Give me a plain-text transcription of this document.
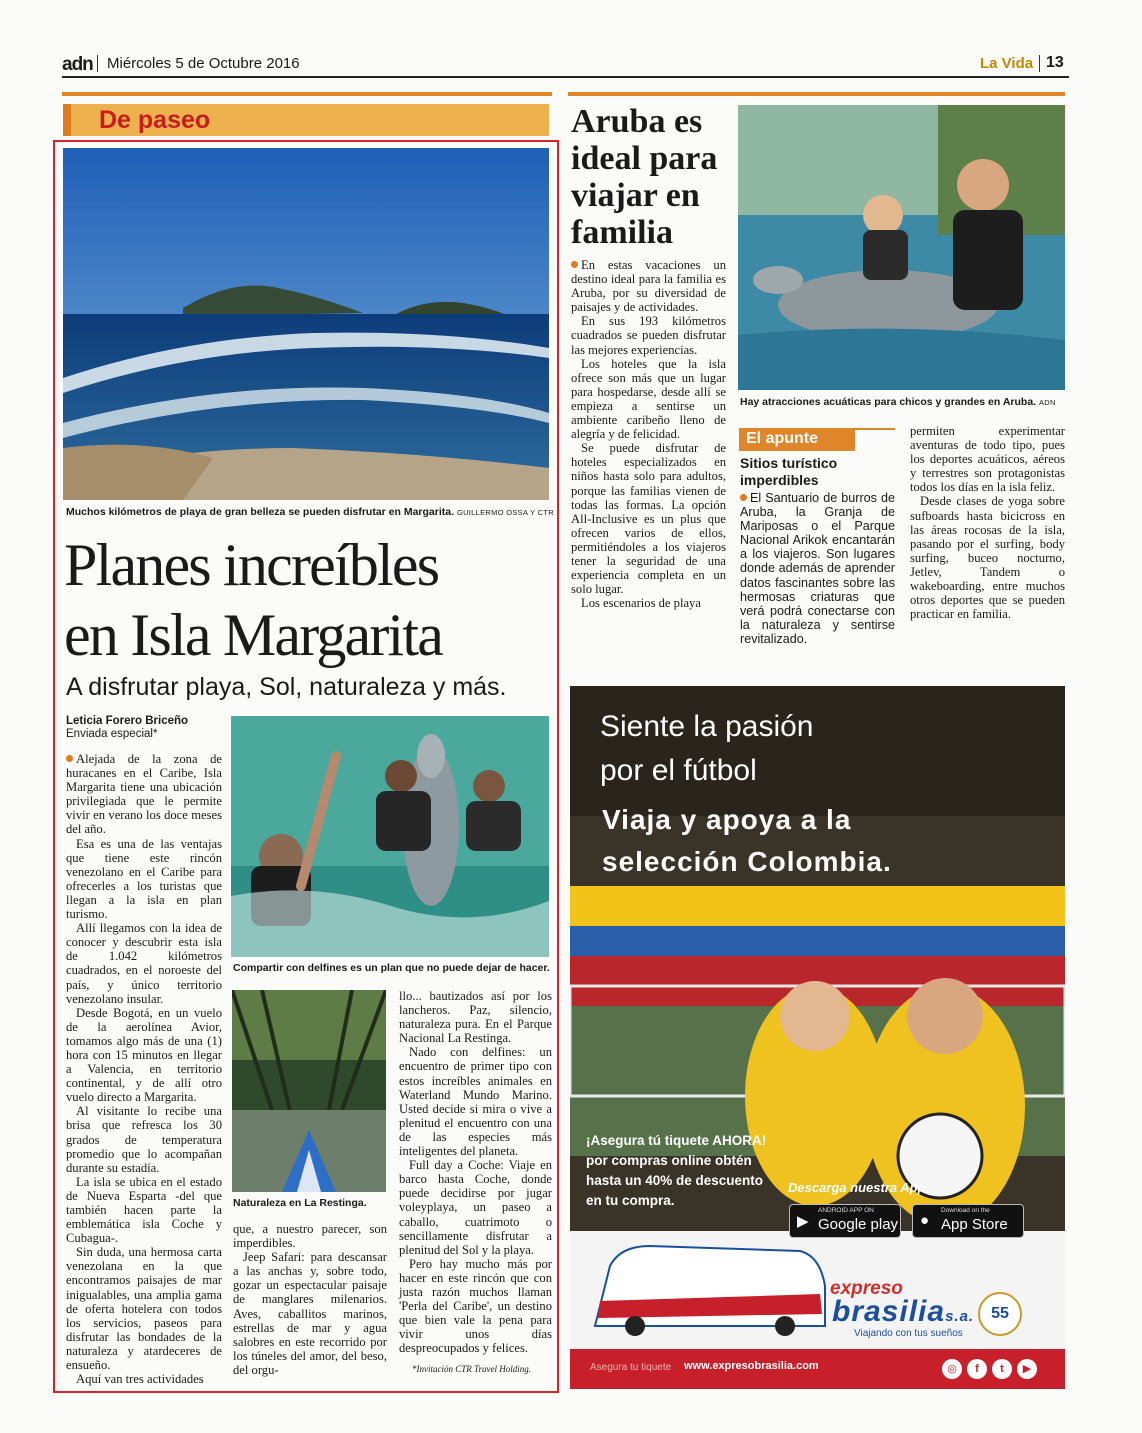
adn Miércoles 5 de Octubre 2016	La Vida 13
De paseo
Muchos kilómetros de playa de gran belleza se pueden disfrutar en Margarita. GUILLERMO OSSA Y CTR
Planes increíbles
en Isla Margarita
A disfrutar playa, Sol, naturaleza y más.
Leticia Forero Briceño
Enviada especial*

Alejada de la zona de huracanes en el Caribe, Isla Margarita tiene una ubicación privilegiada que le permite vivir en verano los doce meses del año.

Esa es una de las ventajas que tiene este rincón venezolano en el Caribe para ofrecerles a los turistas que llegan a la isla en plan turismo.

Allí llegamos con la idea de conocer y descubrir esta isla de 1.042 kilómetros cuadrados, en el noroeste del país, y único territorio venezolano insular.

Desde Bogotá, en un vuelo de la aerolínea Avior, tomamos algo más de una (1) hora con 15 minutos en llegar a Valencia, en territorio continental, y de allí otro vuelo directo a Margarita.

Al visitante lo recibe una brisa que refresca los 30 grados de temperatura promedio que lo acompañan durante su estadía.

La isla se ubica en el estado de Nueva Esparta -del que también hacen parte la emblemática isla Coche y Cubagua-.

Sin duda, una hermosa carta venezolana en la que encontramos paisajes de mar inigualables, una amplia gama de oferta hotelera con todos los servicios, paseos para disfrutar las bondades de la naturaleza y atardeceres de ensueño.

Aquí van tres actividades

Compartir con delfines es un plan que no puede dejar de hacer.
Naturaleza en La Restinga.

que, a nuestro parecer, son imperdibles.

Jeep Safari: para descansar a las anchas y, sobre todo, gozar un espectacular paisaje de manglares milenarios. Aves, caballitos marinos, estrellas de mar y agua salobres en este recorrido por los túneles del amor, del beso, del orgu-

llo... bautizados así por los lancheros. Paz, silencio, naturaleza pura. En el Parque Nacional La Restinga.

Nado con delfines: un encuentro de primer tipo con estos increíbles animales en Waterland Mundo Marino. Usted decide si mira o vive a plenitud el encuentro con una de las especies más inteligentes del planeta.

Full day a Coche: Viaje en barco hasta Coche, donde puede decidirse por jugar voleyplaya, un paseo a caballo, cuatrimoto o sencillamente disfrutar a plenitud del Sol y la playa.

Pero hay mucho más por hacer en este rincón que con justa razón muchos llaman 'Perla del Caribe', un destino que bien vale la pena para vivir unos días despreocupados y felices.

*Invitación CTR Travel Holding.
Aruba es ideal para viajar en familia

En estas vacaciones un destino ideal para la familia es Aruba, por su diversidad de paisajes y de actividades.

En sus 193 kilómetros cuadrados se pueden disfrutar las mejores experiencias.

Los hoteles que la isla ofrece son más que un lugar para hospedarse, desde allí se empieza a sentirse un ambiente caribeño lleno de alegría y de felicidad.

Se puede disfrutar de hoteles especializados en niños hasta solo para adultos, porque las familias vienen de todas las formas. La opción All-Inclusive es un plus que ofrecen varios de ellos, permitiéndoles a los viajeros tener la seguridad de una experiencia completa en un solo lugar.

Los escenarios de playa

Hay atracciones acuáticas para chicos y grandes en Aruba. ADN
El apunte
Sitios turístico imperdibles

El Santuario de burros de Aruba, la Granja de Mariposas o el Parque Nacional Arikok encantarán a los viajeros. Son lugares donde además de aprender datos fascinantes sobre las hermosas criaturas que verá podrá conectarse con la naturaleza y sentirse revitalizado.

permiten experimentar aventuras de todo tipo, pues los deportes acuáticos, aéreos y terrestres son protagonistas todos los días en la isla feliz.

Desde clases de yoga sobre sufboards hasta bicicross en las áreas rocosas de la isla, pasando por el surfing, body surfing, buceo nocturno, Jetlev, Tandem o wakeboarding, entre muchos otros deportes que se pueden practicar en familia.

Siente la pasión
por el fútbol
Viaja y apoya a la
selección Colombia.
¡Asegura tú tiquete AHORA! por compras online obtén hasta un 40% de descuento en tu compra.
Descarga nuestra App:
▶
ANDROID APP ON
Google play ●
Download on the
App Store
expreso
brasilias.a.
Viajando con tus sueños
55
Asegura tu tiquete www.expresobrasilia.com	◎	f	t	▶
